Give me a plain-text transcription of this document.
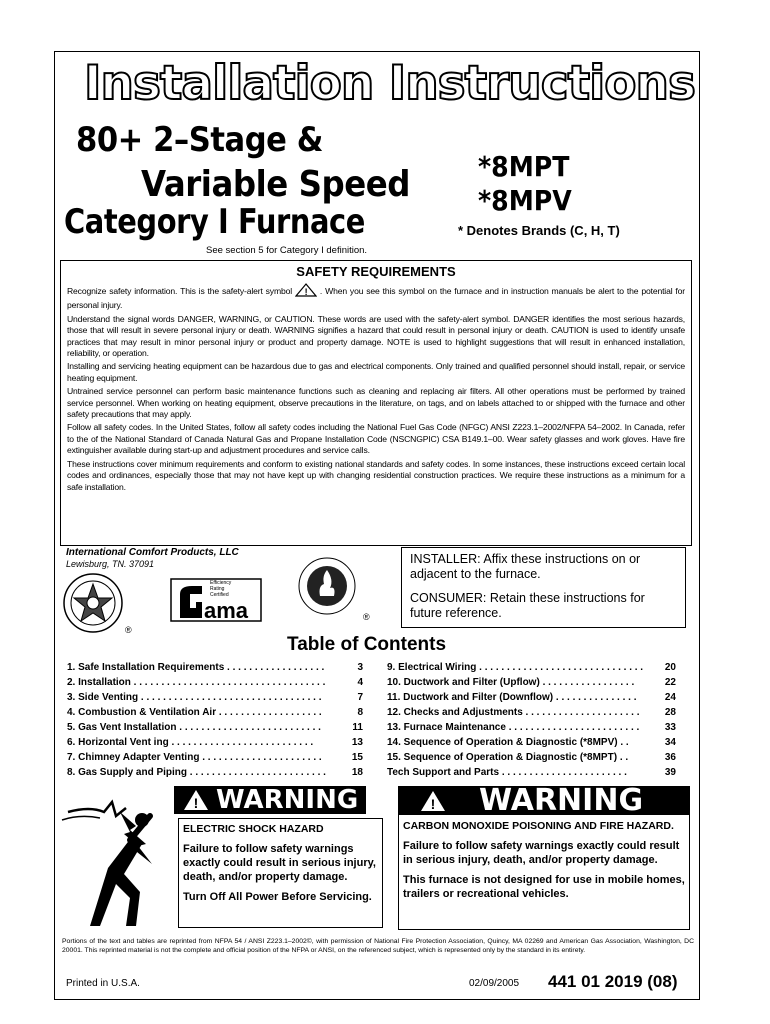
Installation Instructions
80+ 2–Stage &
Variable Speed
Category I Furnace
*8MPT
*8MPV
* Denotes Brands (C, H, T)
See section 5 for Category I definition.
SAFETY REQUIREMENTS

Recognize safety information. This is the safety-alert symbol ! . When you see this symbol on the furnace and in instruction manuals be alert to the potential for personal injury.

Understand the signal words DANGER, WARNING, or CAUTION. These words are used with the safety-alert symbol. DANGER identifies the most serious hazards, those that will result in severe personal injury or death. WARNING signifies a hazard that could result in personal injury or death. CAUTION is used to identify unsafe practices that may result in minor personal injury or product and property damage. NOTE is used to highlight suggestions that will result in enhanced installation, reliability, or operation.

Installing and servicing heating equipment can be hazardous due to gas and electrical components. Only trained and qualified personnel should install, repair, or service heating equipment.

Untrained service personnel can perform basic maintenance functions such as cleaning and replacing air filters. All other operations must be performed by trained service personnel. When working on heating equipment, observe precautions in the literature, on tags, and on labels attached to or shipped with the furnace and other safety precautions that may apply.

Follow all safety codes. In the United States, follow all safety codes including the National Fuel Gas Code (NFGC) ANSI Z223.1–2002/NFPA 54–2002. In Canada, refer to the of the National Standard of Canada Natural Gas and Propane Installation Code (NSCNGPIC) CSA B149.1–00. Wear safety glasses and work gloves. Have fire extinguisher available during start-up and adjustment procedures and service calls.

These instructions cover minimum requirements and conform to existing national standards and safety codes. In some instances, these instructions exceed certain local codes and ordinances, especially those that may not have kept up with changing residential construction practices. We require these instructions as a minimum for a safe installation.

International Comfort Products, LLC
Lewisburg, TN. 37091
®
Efficiency
Rating
Certified
ama	®

INSTALLER: Affix these instructions on or adjacent to the furnace.

CONSUMER: Retain these instructions for future reference.

Table of Contents
1. Safe Installation Requirements . . . . . . . . . . . . . . . . . .	3
2. Installation . . . . . . . . . . . . . . . . . . . . . . . . . . . . . . . . . . .	4
3. Side Venting . . . . . . . . . . . . . . . . . . . . . . . . . . . . . . . . .	7
4. Combustion & Ventilation Air . . . . . . . . . . . . . . . . . . .	8
5. Gas Vent Installation . . . . . . . . . . . . . . . . . . . . . . . . . .	11
6. Horizontal Vent ing . . . . . . . . . . . . . . . . . . . . . . . . . .	13
7. Chimney Adapter Venting . . . . . . . . . . . . . . . . . . . . . .	15
8. Gas Supply and Piping . . . . . . . . . . . . . . . . . . . . . . . . .	18
9. Electrical Wiring . . . . . . . . . . . . . . . . . . . . . . . . . . . . . .	20
10. Ductwork and Filter (Upflow) . . . . . . . . . . . . . . . . .	22
11. Ductwork and Filter (Downflow) . . . . . . . . . . . . . . .	24
12. Checks and Adjustments . . . . . . . . . . . . . . . . . . . . .	28
13. Furnace Maintenance . . . . . . . . . . . . . . . . . . . . . . . .	33
14. Sequence of Operation & Diagnostic (*8MPV) . .	34
15. Sequence of Operation & Diagnostic (*8MPT) . .	36
Tech Support and Parts . . . . . . . . . . . . . . . . . . . . . . .	39
! WARNING

ELECTRIC SHOCK HAZARD

Failure to follow safety warnings exactly could result in serious injury, death, and/or property damage.

Turn Off All Power Before Servicing.

! WARNING

CARBON MONOXIDE POISONING AND FIRE HAZARD.

Failure to follow safety warnings exactly could result in serious injury, death, and/or property damage.

This furnace is not designed for use in mobile homes, trailers or recreational vehicles.

Portions of the text and tables are reprinted from NFPA 54 / ANSI Z223.1–2002©, with permission of National Fire Protection Association, Quincy, MA 02269 and American Gas Association, Washington, DC 20001. This reprinted material is not the complete and official position of the NFPA or ANSI, on the referenced subject, which is represented only by the standard in its entirety.
Printed in U.S.A.	02/09/2005 441 01 2019 (08)
